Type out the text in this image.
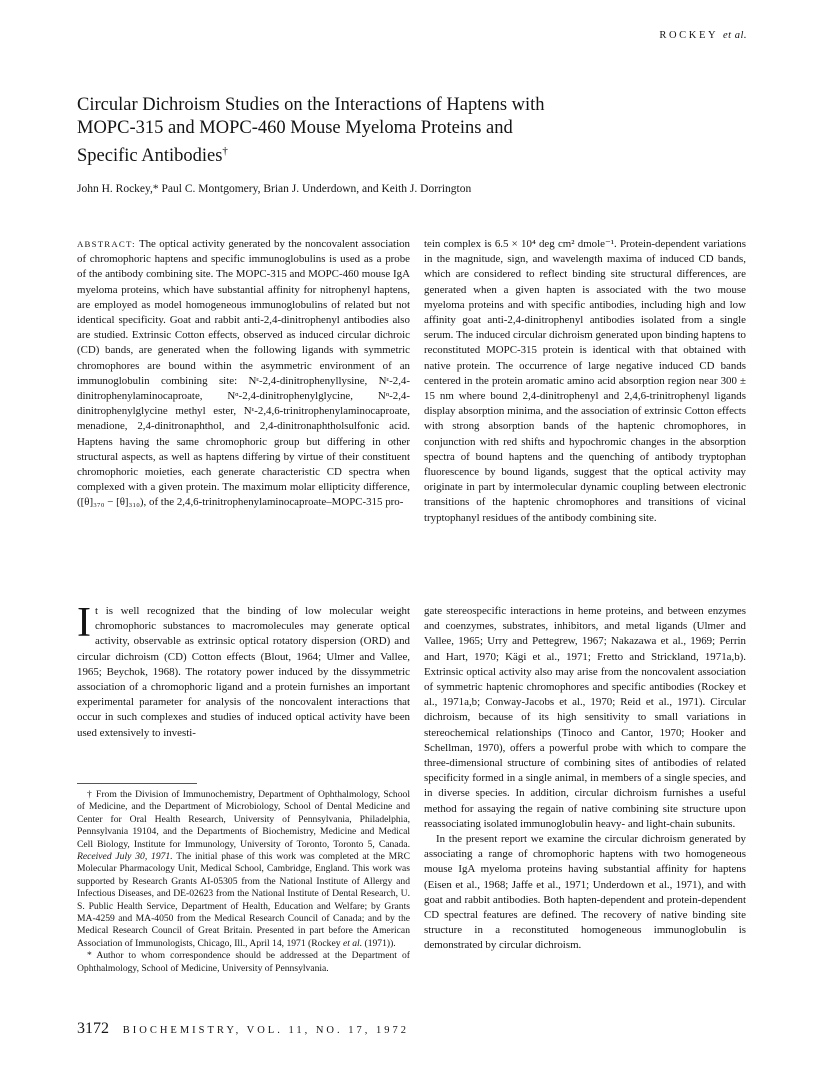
ROCKEY et al.

Circular Dichroism Studies on the Interactions of Haptens with

MOPC-315 and MOPC-460 Mouse Myeloma Proteins and

Specific Antibodies†

John H. Rockey,* Paul C. Montgomery, Brian J. Underdown, and Keith J. Dorrington

ABSTRACT: The optical activity generated by the noncovalent association of chromophoric haptens and specific immunoglobulins is used as a probe of the antibody combining site. The MOPC-315 and MOPC-460 mouse IgA myeloma proteins, which have substantial affinity for nitrophenyl haptens, are employed as model homogeneous immunoglobulins of related but not identical specificity. Goat and rabbit anti-2,4-dinitrophenyl antibodies also are studied. Extrinsic Cotton effects, observed as induced circular dichroic (CD) bands, are generated when the following ligands with symmetric chromophores are bound within the asymmetric environment of an immunoglobulin combining site: Nᵋ-2,4-dinitrophenyllysine, Nᵋ-2,4-dinitrophenylaminocaproate, Nᵅ-2,4-dinitrophenylglycine, Nᵅ-2,4-dinitrophenylglycine methyl ester, Nᵋ-2,4,6-trinitrophenylaminocaproate, menadione, 2,4-dinitronaphthol, and 2,4-dinitronaphtholsulfonic acid. Haptens having the same chromophoric group but differing in other structural aspects, as well as haptens differing by virtue of their constituent chromophoric moieties, each generate characteristic CD spectra when complexed with a given protein. The maximum molar ellipticity difference, ([θ]₃₇₀ − [θ]₃₁₀), of the 2,4,6-trinitrophenylaminocaproate–MOPC-315 pro-

tein complex is 6.5 × 10⁴ deg cm² dmole⁻¹. Protein-dependent variations in the magnitude, sign, and wavelength maxima of induced CD bands, which are considered to reflect binding site structural differences, are generated when a given hapten is associated with the two mouse myeloma proteins and with specific antibodies, including high and low affinity goat anti-2,4-dinitrophenyl antibodies isolated from a single serum. The induced circular dichroism generated upon binding haptens to reconstituted MOPC-315 protein is identical with that obtained with native protein. The occurrence of large negative induced CD bands centered in the protein aromatic amino acid absorption region near 300 ± 15 nm where bound 2,4-dinitrophenyl and 2,4,6-trinitrophenyl ligands display absorption minima, and the association of extrinsic Cotton effects with strong absorption bands of the haptenic chromophores, in conjunction with red shifts and hypochromic changes in the absorption spectra of bound haptens and the quenching of antibody tryptophan fluorescence by bound ligands, suggest that the optical activity may originate in part by intermolecular dynamic coupling between electronic transitions of the haptenic chromophores and transitions of vicinal tryptophanyl residues of the antibody combining site.

It is well recognized that the binding of low molecular weight chromophoric substances to macromolecules may generate optical activity, observable as extrinsic optical rotatory dispersion (ORD) and circular dichroism (CD) Cotton effects (Blout, 1964; Ulmer and Vallee, 1965; Beychok, 1968). The rotatory power induced by the dissymmetric association of a chromophoric ligand and a protein furnishes an important experimental parameter for analysis of the noncovalent interactions that occur in such complexes and studies of induced optical activity have been used extensively to investi-

† From the Division of Immunochemistry, Department of Ophthalmology, School of Medicine, and the Department of Microbiology, School of Dental Medicine and Center for Oral Health Research, University of Pennsylvania, Philadelphia, Pennsylvania 19104, and the Departments of Biochemistry, Medicine and Medical Cell Biology, Institute for Immunology, University of Toronto, Toronto 5, Canada. Received July 30, 1971. The initial phase of this work was completed at the MRC Molecular Pharmacology Unit, Medical School, Cambridge, England. This work was supported by Research Grants AI-05305 from the National Institute of Allergy and Infectious Diseases, and DE-02623 from the National Institute of Dental Research, U. S. Public Health Service, Department of Health, Education and Welfare; by Grants MA-4259 and MA-4050 from the Medical Research Council of Canada; and by the Medical Research Council of Great Britain. Presented in part before the American Association of Immunologists, Chicago, Ill., April 14, 1971 (Rockey et al. (1971)).

* Author to whom correspondence should be addressed at the Department of Ophthalmology, School of Medicine, University of Pennsylvania.

gate stereospecific interactions in heme proteins, and between enzymes and coenzymes, substrates, inhibitors, and metal ligands (Ulmer and Vallee, 1965; Urry and Pettegrew, 1967; Nakazawa et al., 1969; Perrin and Hart, 1970; Kägi et al., 1971; Fretto and Strickland, 1971a,b). Extrinsic optical activity also may arise from the noncovalent association of symmetric haptenic chromophores and specific antibodies (Rockey et al., 1971a,b; Conway-Jacobs et al., 1970; Reid et al., 1971). Circular dichroism, because of its high sensitivity to small variations in stereochemical relationships (Tinoco and Cantor, 1970; Hooker and Schellman, 1970), offers a powerful probe with which to compare the three-dimensional structure of combining sites of antibodies of related specificity formed in a single animal, in members of a single species, and in diverse species. In addition, circular dichroism furnishes a useful method for assaying the regain of native combining site structure upon reassociating isolated immunoglobulin heavy- and light-chain subunits.

In the present report we examine the circular dichroism generated by associating a range of chromophoric haptens with two homogeneous mouse IgA myeloma proteins having substantial affinity for haptens (Eisen et al., 1968; Jaffe et al., 1971; Underdown et al., 1971), and with goat and rabbit antibodies. Both hapten-dependent and protein-dependent CD spectral features are defined. The recovery of native binding site structure in a reconstituted homogeneous immunoglobulin is demonstrated by circular dichroism.

3172 BIOCHEMISTRY, VOL. 11, NO. 17, 1972
